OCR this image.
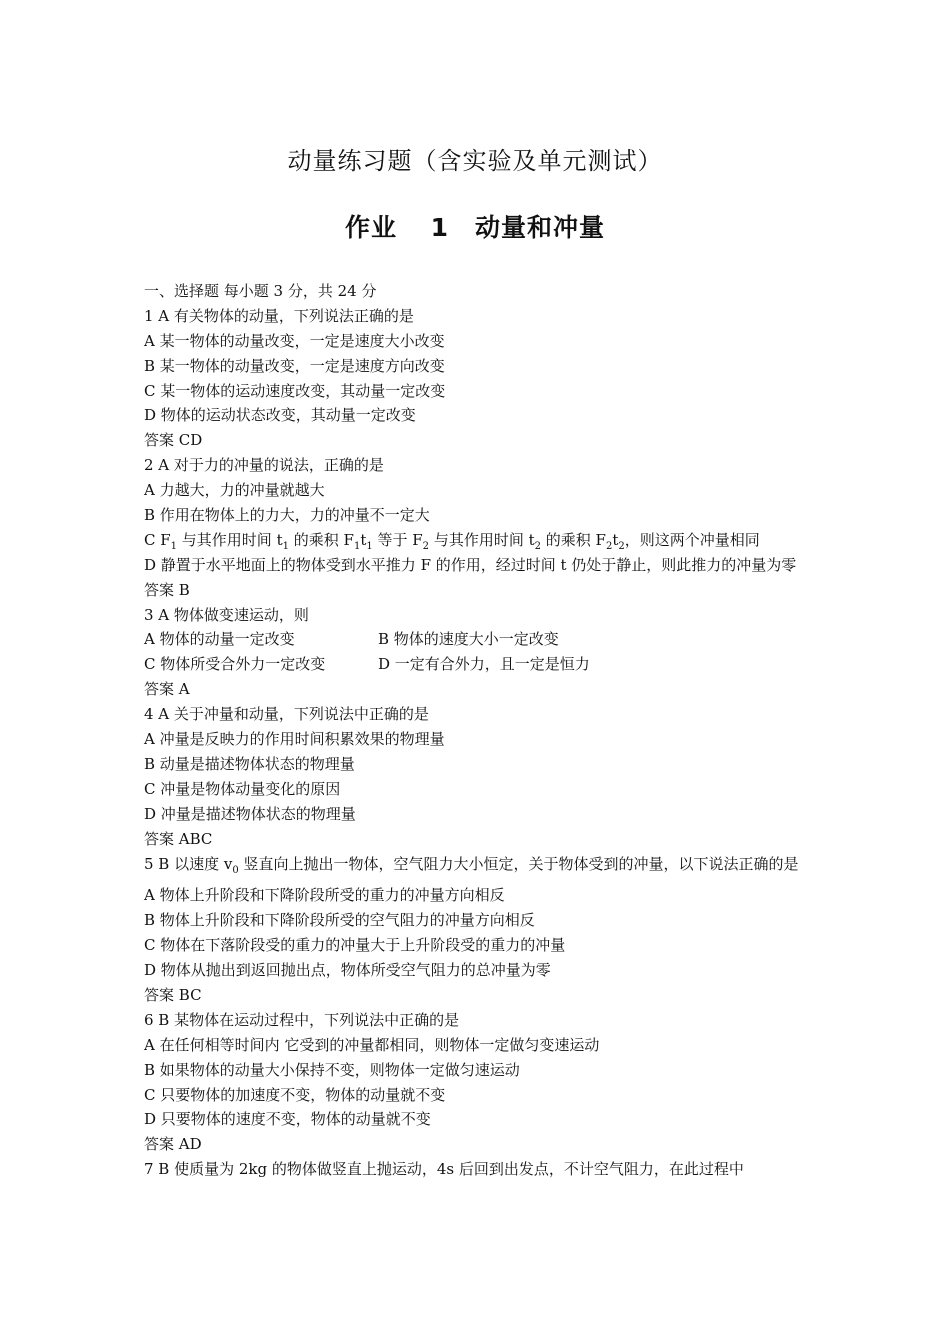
动量练习题（含实验及单元测试）
作业 1　动量和冲量
一、选择题 每小题 3 分，共 24 分
1 A 有关物体的动量，下列说法正确的是
A 某一物体的动量改变，一定是速度大小改变
B 某一物体的动量改变，一定是速度方向改变
C 某一物体的运动速度改变，其动量一定改变
D 物体的运动状态改变，其动量一定改变
答案 CD
2 A 对于力的冲量的说法，正确的是
A 力越大，力的冲量就越大
B 作用在物体上的力大，力的冲量不一定大
C $F_1$ 与其作用时间 $t_1$ 的乘积 $F_1t_1$ 等于 $F_2$ 与其作用时间 $t_2$ 的乘积 $F_2t_2$，则这两个冲量相同
D 静置于水平地面上的物体受到水平推力 F 的作用，经过时间 t 仍处于静止，则此推力的冲量为零
答案 B
3 A 物体做变速运动，则
A 物体的动量一定改变	B 物体的速度大小一定改变
C 物体所受合外力一定改变	D 一定有合外力，且一定是恒力
答案 A
4 A 关于冲量和动量，下列说法中正确的是
A 冲量是反映力的作用时间积累效果的物理量
B 动量是描述物体状态的物理量
C 冲量是物体动量变化的原因
D 冲量是描述物体状态的物理量
答案 ABC
5 B 以速度 $v_0$ 竖直向上抛出一物体，空气阻力大小恒定，关于物体受到的冲量，以下说法正确的是
A 物体上升阶段和下降阶段所受的重力的冲量方向相反
B 物体上升阶段和下降阶段所受的空气阻力的冲量方向相反
C 物体在下落阶段受的重力的冲量大于上升阶段受的重力的冲量
D 物体从抛出到返回抛出点，物体所受空气阻力的总冲量为零
答案 BC
6 B 某物体在运动过程中，下列说法中正确的是
A 在任何相等时间内 它受到的冲量都相同，则物体一定做匀变速运动
B 如果物体的动量大小保持不变，则物体一定做匀速运动
C 只要物体的加速度不变，物体的动量就不变
D 只要物体的速度不变，物体的动量就不变
答案 AD
7 B 使质量为 2kg 的物体做竖直上抛运动，4s 后回到出发点，不计空气阻力，在此过程中
